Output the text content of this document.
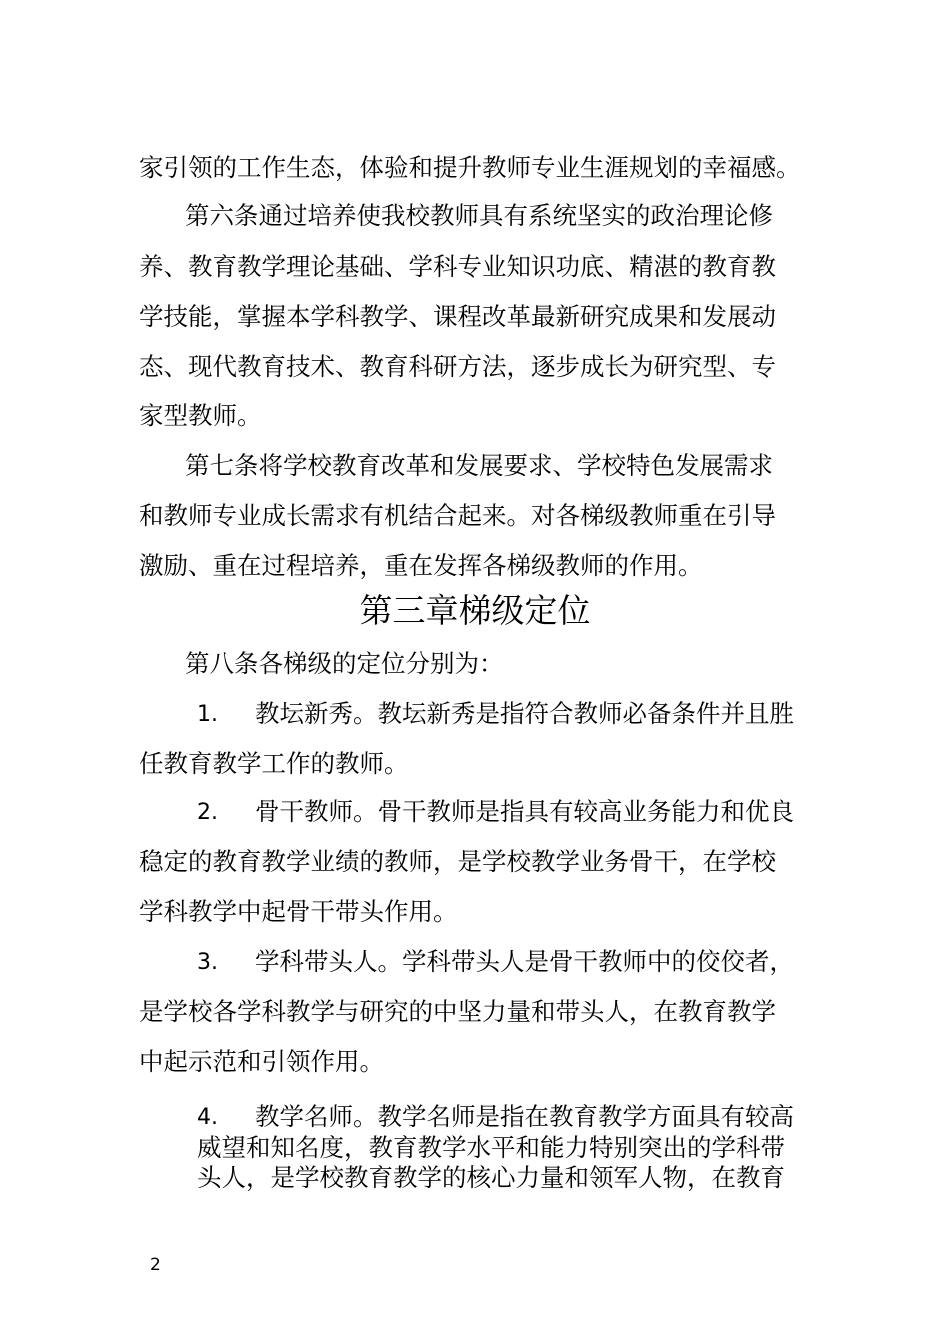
家引领的工作生态，体验和提升教师专业生涯规划的幸福感。
第六条通过培养使我校教师具有系统坚实的政治理论修
养、教育教学理论基础、学科专业知识功底、精湛的教育教
学技能，掌握本学科教学、课程改革最新研究成果和发展动
态、现代教育技术、教育科研方法，逐步成长为研究型、专
家型教师。
第七条将学校教育改革和发展要求、学校特色发展需求
和教师专业成长需求有机结合起来。对各梯级教师重在引导
激励、重在过程培养，重在发挥各梯级教师的作用。
第三章梯级定位
第八条各梯级的定位分别为：
1. 教坛新秀。教坛新秀是指符合教师必备条件并且胜
任教育教学工作的教师。
2. 骨干教师。骨干教师是指具有较高业务能力和优良
稳定的教育教学业绩的教师，是学校教学业务骨干，在学校
学科教学中起骨干带头作用。
3. 学科带头人。学科带头人是骨干教师中的佼佼者，
是学校各学科教学与研究的中坚力量和带头人，在教育教学
中起示范和引领作用。
4. 教学名师。教学名师是指在教育教学方面具有较高
威望和知名度，教育教学水平和能力特别突出的学科带
头人，是学校教育教学的核心力量和领军人物，在教育
2
